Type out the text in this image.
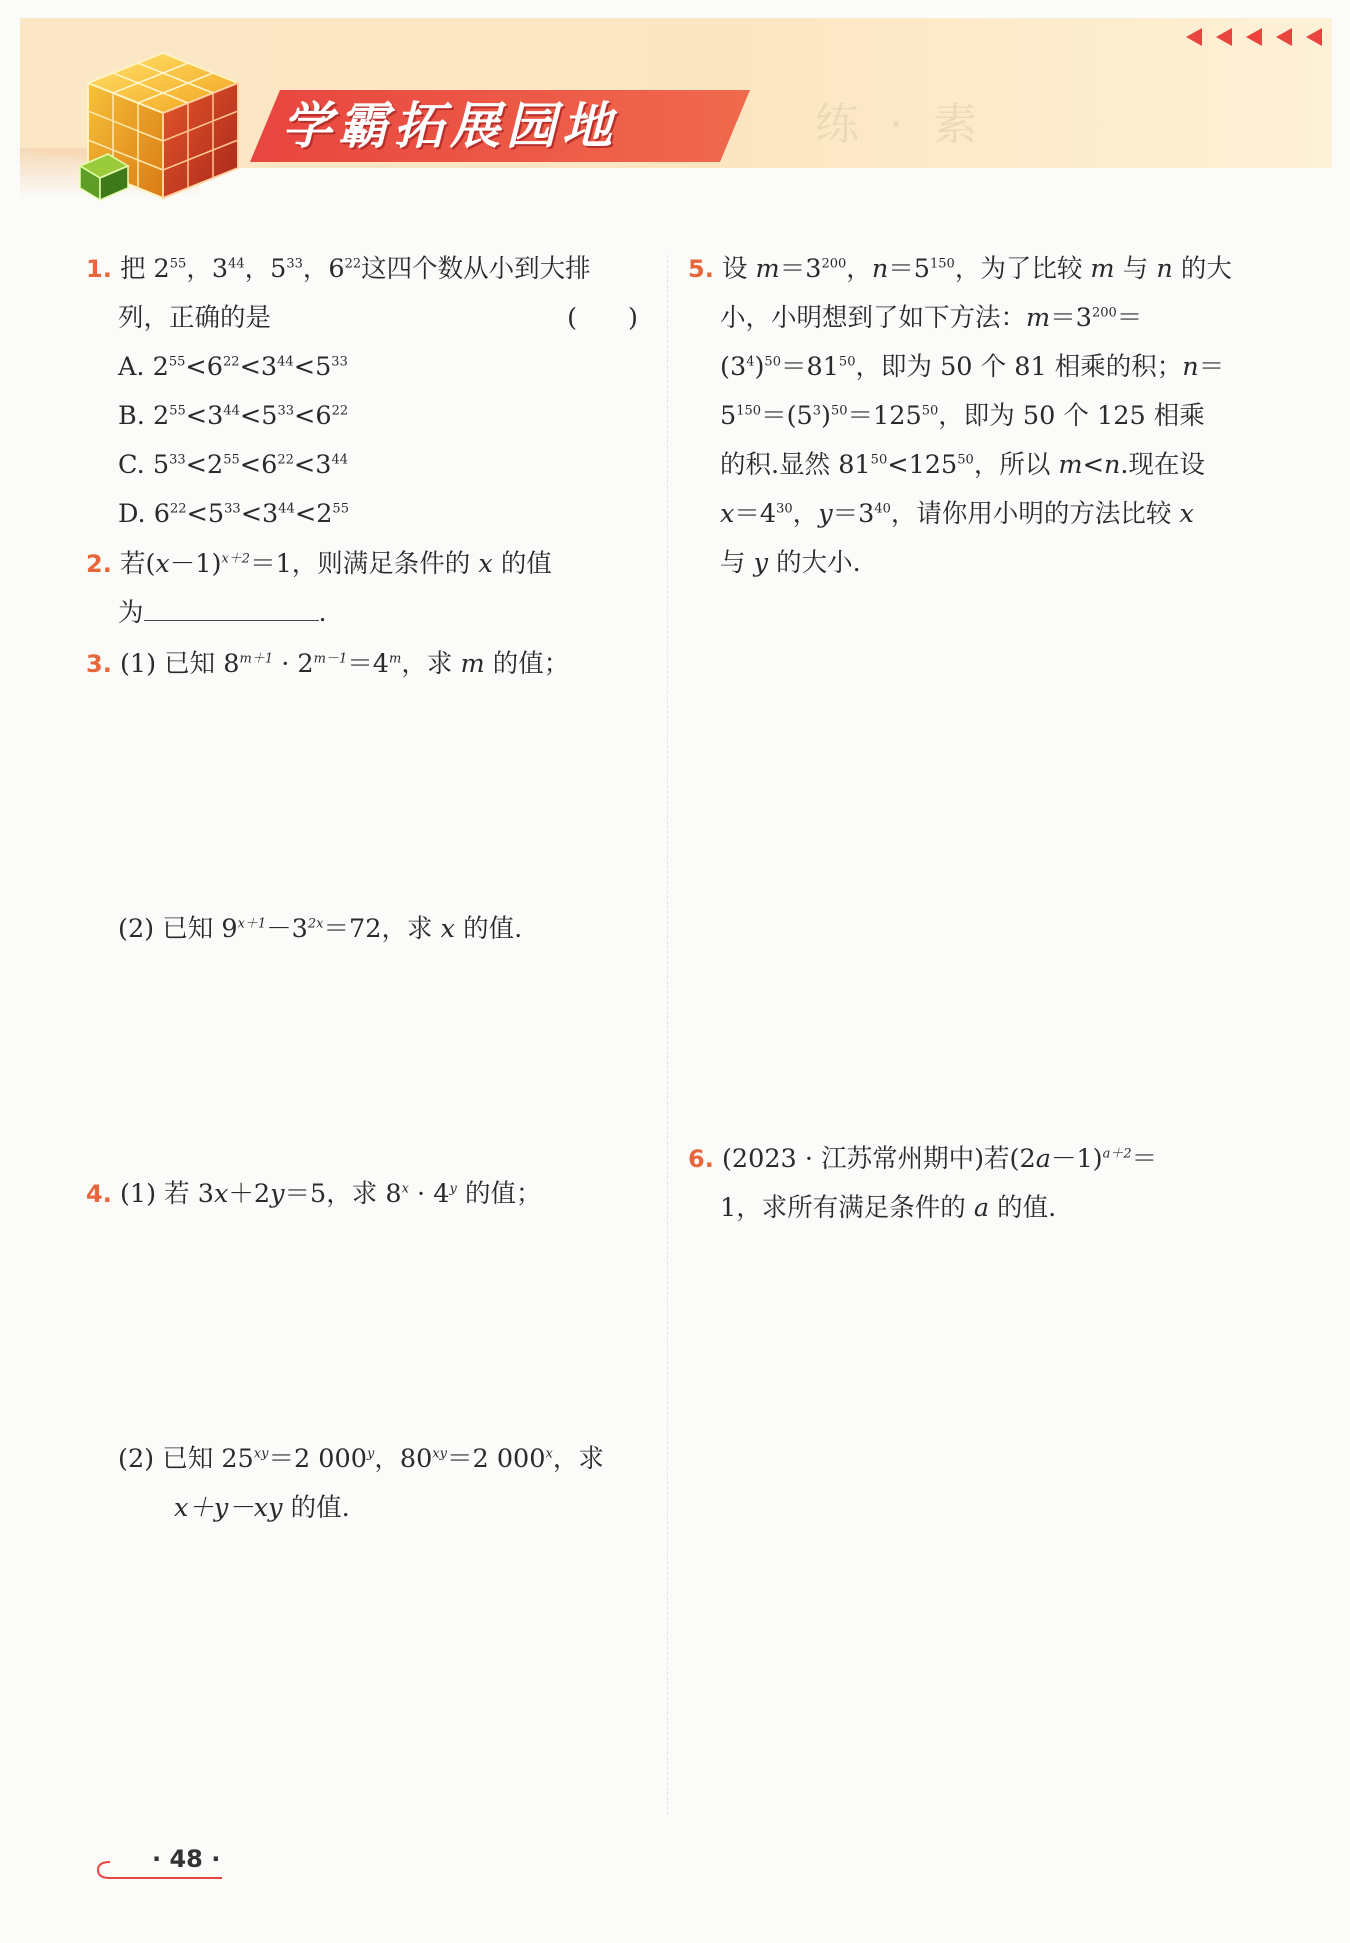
练 · 素
学霸拓展园地
1. 把 $2^{55}$，$3^{44}$，$5^{33}$，$6^{22}$这四个数从小到大排
列，正确的是	(　　)
A. $2^{55}<6^{22}<3^{44}<5^{33}$
B. $2^{55}<3^{44}<5^{33}<6^{22}$
C. $5^{33}<2^{55}<6^{22}<3^{44}$
D. $6^{22}<5^{33}<3^{44}<2^{55}$
2. 若$(x-1)^{x+2}=1$，则满足条件的 x 的值
为	.
3. (1) 已知 $8^{m+1} \cdot 2^{m-1}=4^m$，求 m 的值；
(2) 已知 $9^{x+1}-3^{2x}=72$，求 x 的值.
4. (1) 若 3x＋2y＝5，求 $8^x \cdot 4^y$ 的值；
(2) 已知 $25^{xy}=2$ 000$^y$，$80^{xy}=2$ 000$^x$，求
x＋y－xy 的值.
5. 设 $m=3^{200}$，$n=5^{150}$，为了比较 m 与 n 的大
小，小明想到了如下方法：$m=3^{200}=$
$(3^4)^{50}=81^{50}$，即为 50 个 81 相乘的积；n＝
$5^{150}=(5^3)^{50}=125^{50}$，即为 50 个 125 相乘
的积.显然 $81^{50}<125^{50}$，所以 m<n.现在设
$x=4^{30}$，$y=3^{40}$，请你用小明的方法比较 x
与 y 的大小.
6. (2023 · 江苏常州期中)若$(2a-1)^{a+2}=$
1，求所有满足条件的 a 的值.
· 48 ·
